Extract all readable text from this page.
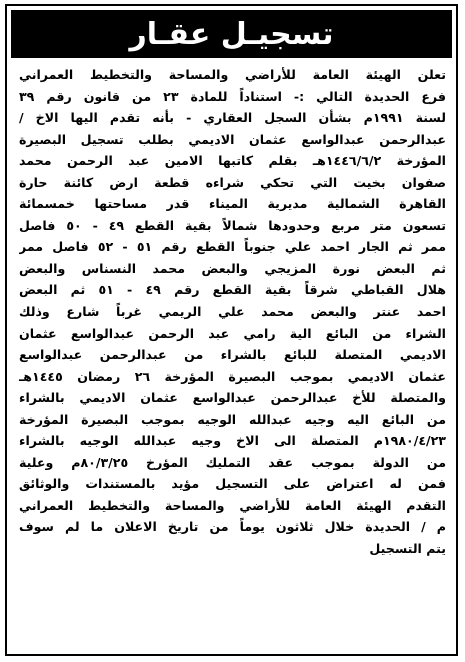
تسجيـل عقـار
تعلن الهيئة العامة للأراضي والمساحة والتخطيط العمراني
فرع الحديدة التالي :- استناداً للمادة ٢٣ من قانون رقم ٣٩
لسنة ١٩٩١م بشأن السجل العقاري - بأنه تقدم اليها الاخ /
عبدالرحمن عبدالواسع عثمان الاديمي بطلب تسجيل البصيرة
المؤرخة ١٤٤٦/٦/٢هـ بقلم كاتبها الامين عبد الرحمن محمد
صفوان بخيت التي تحكي شراءه قطعة ارض كائنة حارة
القاهرة الشمالية مديرية الميناء قدر مساحتها خمسمائة
تسعون متر مربع وحدودها شمالاً بقية القطع ٤٩ - ٥٠ فاصل
ممر ثم الجار احمد علي جنوباً القطع رقم ٥١ - ٥٢ فاصل ممر
ثم البعض نورة المزيجي والبعض محمد النسناس والبعض
هلال القباطي شرقاً بقية القطع رقم ٤٩ - ٥١ ثم البعض
احمد عنتر والبعض محمد علي الريمي غرباً شارع وذلك
الشراء من البائع الية رامي عبد الرحمن عبدالواسع عثمان
الاديمي المتصلة للبائع بالشراء من عبدالرحمن عبدالواسع
عثمان الاديمي بموجب البصيرة المؤرخة ٢٦ رمضان ١٤٤٥هـ
والمتصلة للأخ عبدالرحمن عبدالواسع عثمان الاديمي بالشراء
من البائع اليه وجيه عبدالله الوجيه بموجب البصيرة المؤرخة
١٩٨٠/٤/٢٣م المتصلة الى الاخ وجيه عبدالله الوجيه بالشراء
من الدولة بموجب عقد التمليك المؤرخ ٨٠/٣/٢٥م وعلية
فمن له اعتراض على التسجيل مؤيد بالمستندات والوثائق
التقدم الهيئة العامة للأراضي والمساحة والتخطيط العمراني
م / الحديدة خلال ثلاثون يوماً من تاريخ الاعلان ما لم سوف
يتم التسجيل
